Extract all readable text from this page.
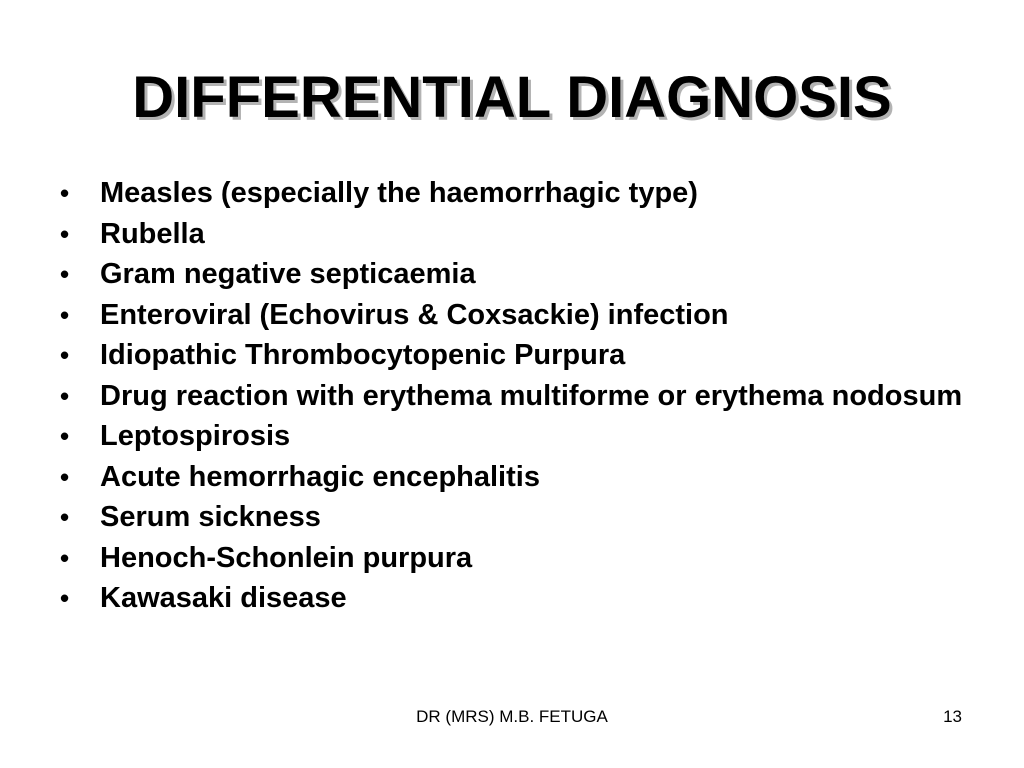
DIFFERENTIAL DIAGNOSIS
•	Measles (especially the haemorrhagic type)
•	Rubella
•	Gram negative septicaemia
•	Enteroviral (Echovirus & Coxsackie) infection
•	Idiopathic Thrombocytopenic Purpura
•	Drug reaction with erythema multiforme or erythema nodosum
•	Leptospirosis
•	Acute hemorrhagic encephalitis
•	Serum sickness
•	Henoch-Schonlein purpura
•	Kawasaki disease
DR (MRS) M.B. FETUGA	13
